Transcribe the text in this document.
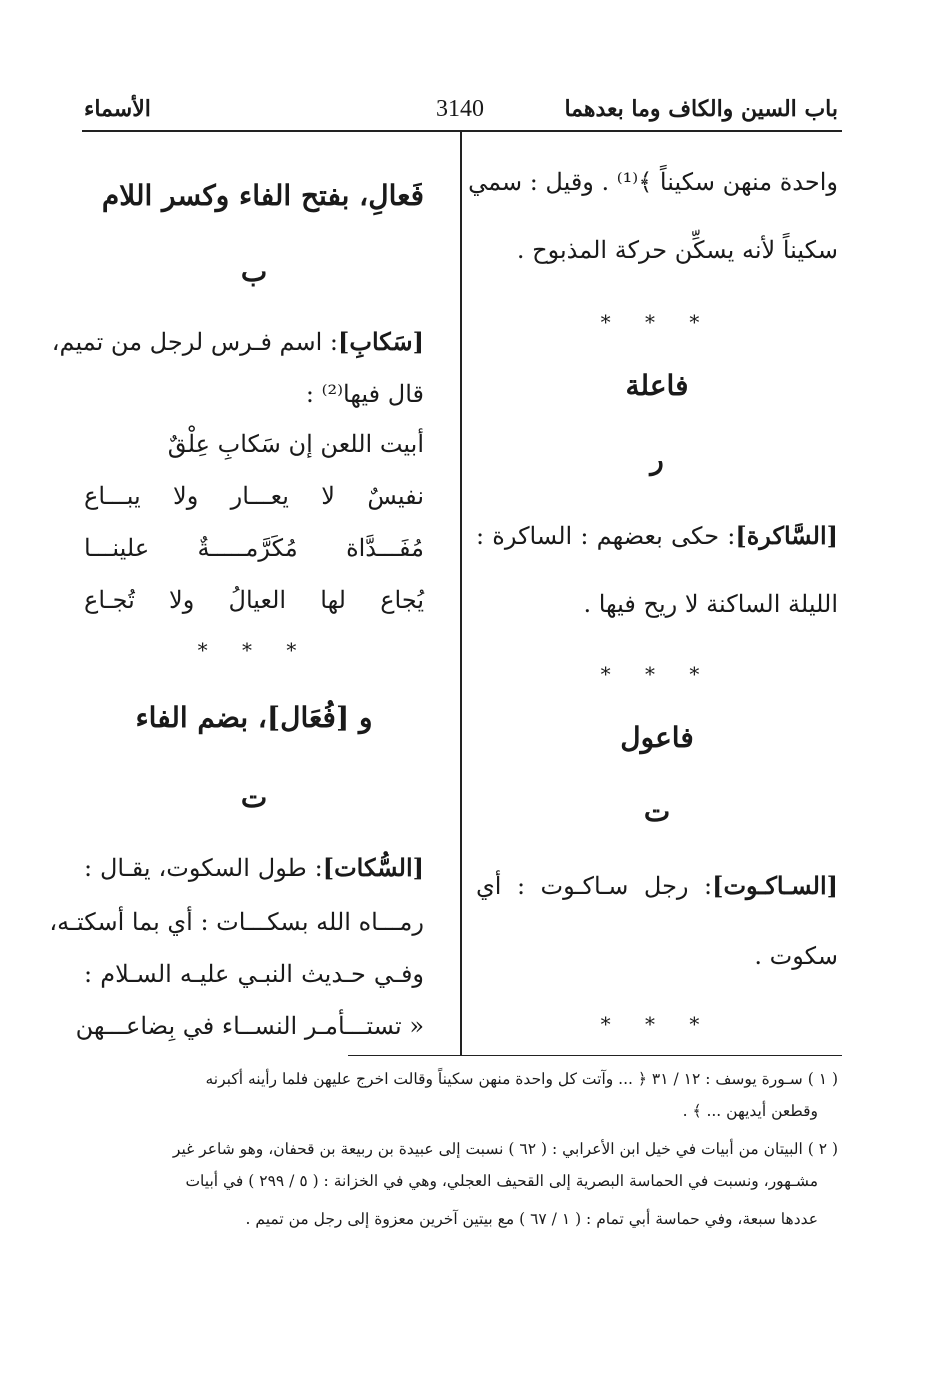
باب السين والكاف وما بعدهما
3140
الأسماء
واحدة منهن سكيناً ﴾⁽¹⁾ . وقيل : سمي
سكيناً لأنه يسكِّن حركة المذبوح .
* * *
فاعلة
ر
[السَّاكرة]: حكى بعضهم : الساكرة :
الليلة الساكنة لا ريح فيها .
* * *
فاعول
ت
[السـاكـوت]: رجل سـاكـوت : أي
سكوت .
* * *
فَعالِ، بفتح الفاء وكسر اللام
ب
[سَكابِ]: اسم فـرس لرجل من تميم،
قال فيها⁽²⁾ :
أبيت اللعن إن سَكابِ عِلْقٌ
نفيسٌ لا يعـــار ولا يبـــاع
مُفَـــدَّاة مُكَرَّمـــــةٌ علينـــا
يُجاع لها العيالُ ولا تُجـاع
* * *
و [فُعَال]، بضم الفاء
ت
[السُّكات]: طول السكوت، يقـال :
رمـــاه الله بسكـــات : أي بما أسكتـه،
وفـي حـديث النبـي عليـه السـلام :
« تستـــأمـر النســاء في بِضاعـــهن
( ١ ) سـورة يوسف : ١٢ / ٣١ ﴿ ... وآتت كل واحدة منهن سكيناً وقالت اخرج عليهن فلما رأينه أكبرنه
وقطعن أيديهن ... ﴾ .
( ٢ ) البيتان من أبيات في خيل ابن الأعرابي : ( ٦٢ ) نسبت إلى عبيدة بن ربيعة بن قحفان، وهو شاعر غير
مشـهور، ونسبت في الحماسة البصرية إلى القحيف العجلي، وهي في الخزانة : ( ٥ / ٢٩٩ ) في أبيات
عددها سبعة، وفي حماسة أبي تمام : ( ١ / ٦٧ ) مع بيتين آخرين معزوة إلى رجل من تميم .
